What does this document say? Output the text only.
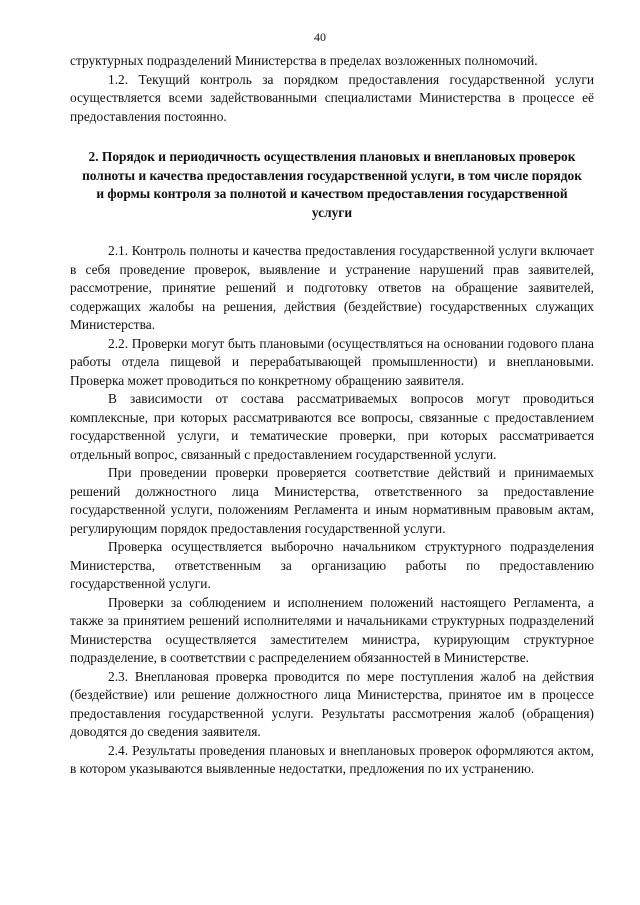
40

структурных подразделений Министерства в пределах возложенных полномочий.

1.2. Текущий контроль за порядком предоставления государственной услуги осуществляется всеми задействованными специалистами Министерства в процессе её предоставления постоянно.

2. Порядок и периодичность осуществления плановых и внеплановых проверок полноты и качества предоставления государственной услуги, в том числе порядок и формы контроля за полнотой и качеством предоставления государственной услуги

2.1. Контроль полноты и качества предоставления государственной услуги включает в себя проведение проверок, выявление и устранение нарушений прав заявителей, рассмотрение, принятие решений и подготовку ответов на обращение заявителей, содержащих жалобы на решения, действия (бездействие) государственных служащих Министерства.

2.2. Проверки могут быть плановыми (осуществляться на основании годового плана работы отдела пищевой и перерабатывающей промышленности) и внеплановыми. Проверка может проводиться по конкретному обращению заявителя.

В зависимости от состава рассматриваемых вопросов могут проводиться комплексные, при которых рассматриваются все вопросы, связанные с предоставлением государственной услуги, и тематические проверки, при которых рассматривается отдельный вопрос, связанный с предоставлением государственной услуги.

При проведении проверки проверяется соответствие действий и принимаемых решений должностного лица Министерства, ответственного за предоставление государственной услуги, положениям Регламента и иным нормативным правовым актам, регулирующим порядок предоставления государственной услуги.

Проверка осуществляется выборочно начальником структурного подразделения Министерства, ответственным за организацию работы по предоставлению государственной услуги.

Проверки за соблюдением и исполнением положений настоящего Регламента, а также за принятием решений исполнителями и начальниками структурных подразделений Министерства осуществляется заместителем министра, курирующим структурное подразделение, в соответствии с распределением обязанностей в Министерстве.

2.3. Внеплановая проверка проводится по мере поступления жалоб на действия (бездействие) или решение должностного лица Министерства, принятое им в процессе предоставления государственной услуги. Результаты рассмотрения жалоб (обращения) доводятся до сведения заявителя.

2.4. Результаты проведения плановых и внеплановых проверок оформляются актом, в котором указываются выявленные недостатки, предложения по их устранению.
